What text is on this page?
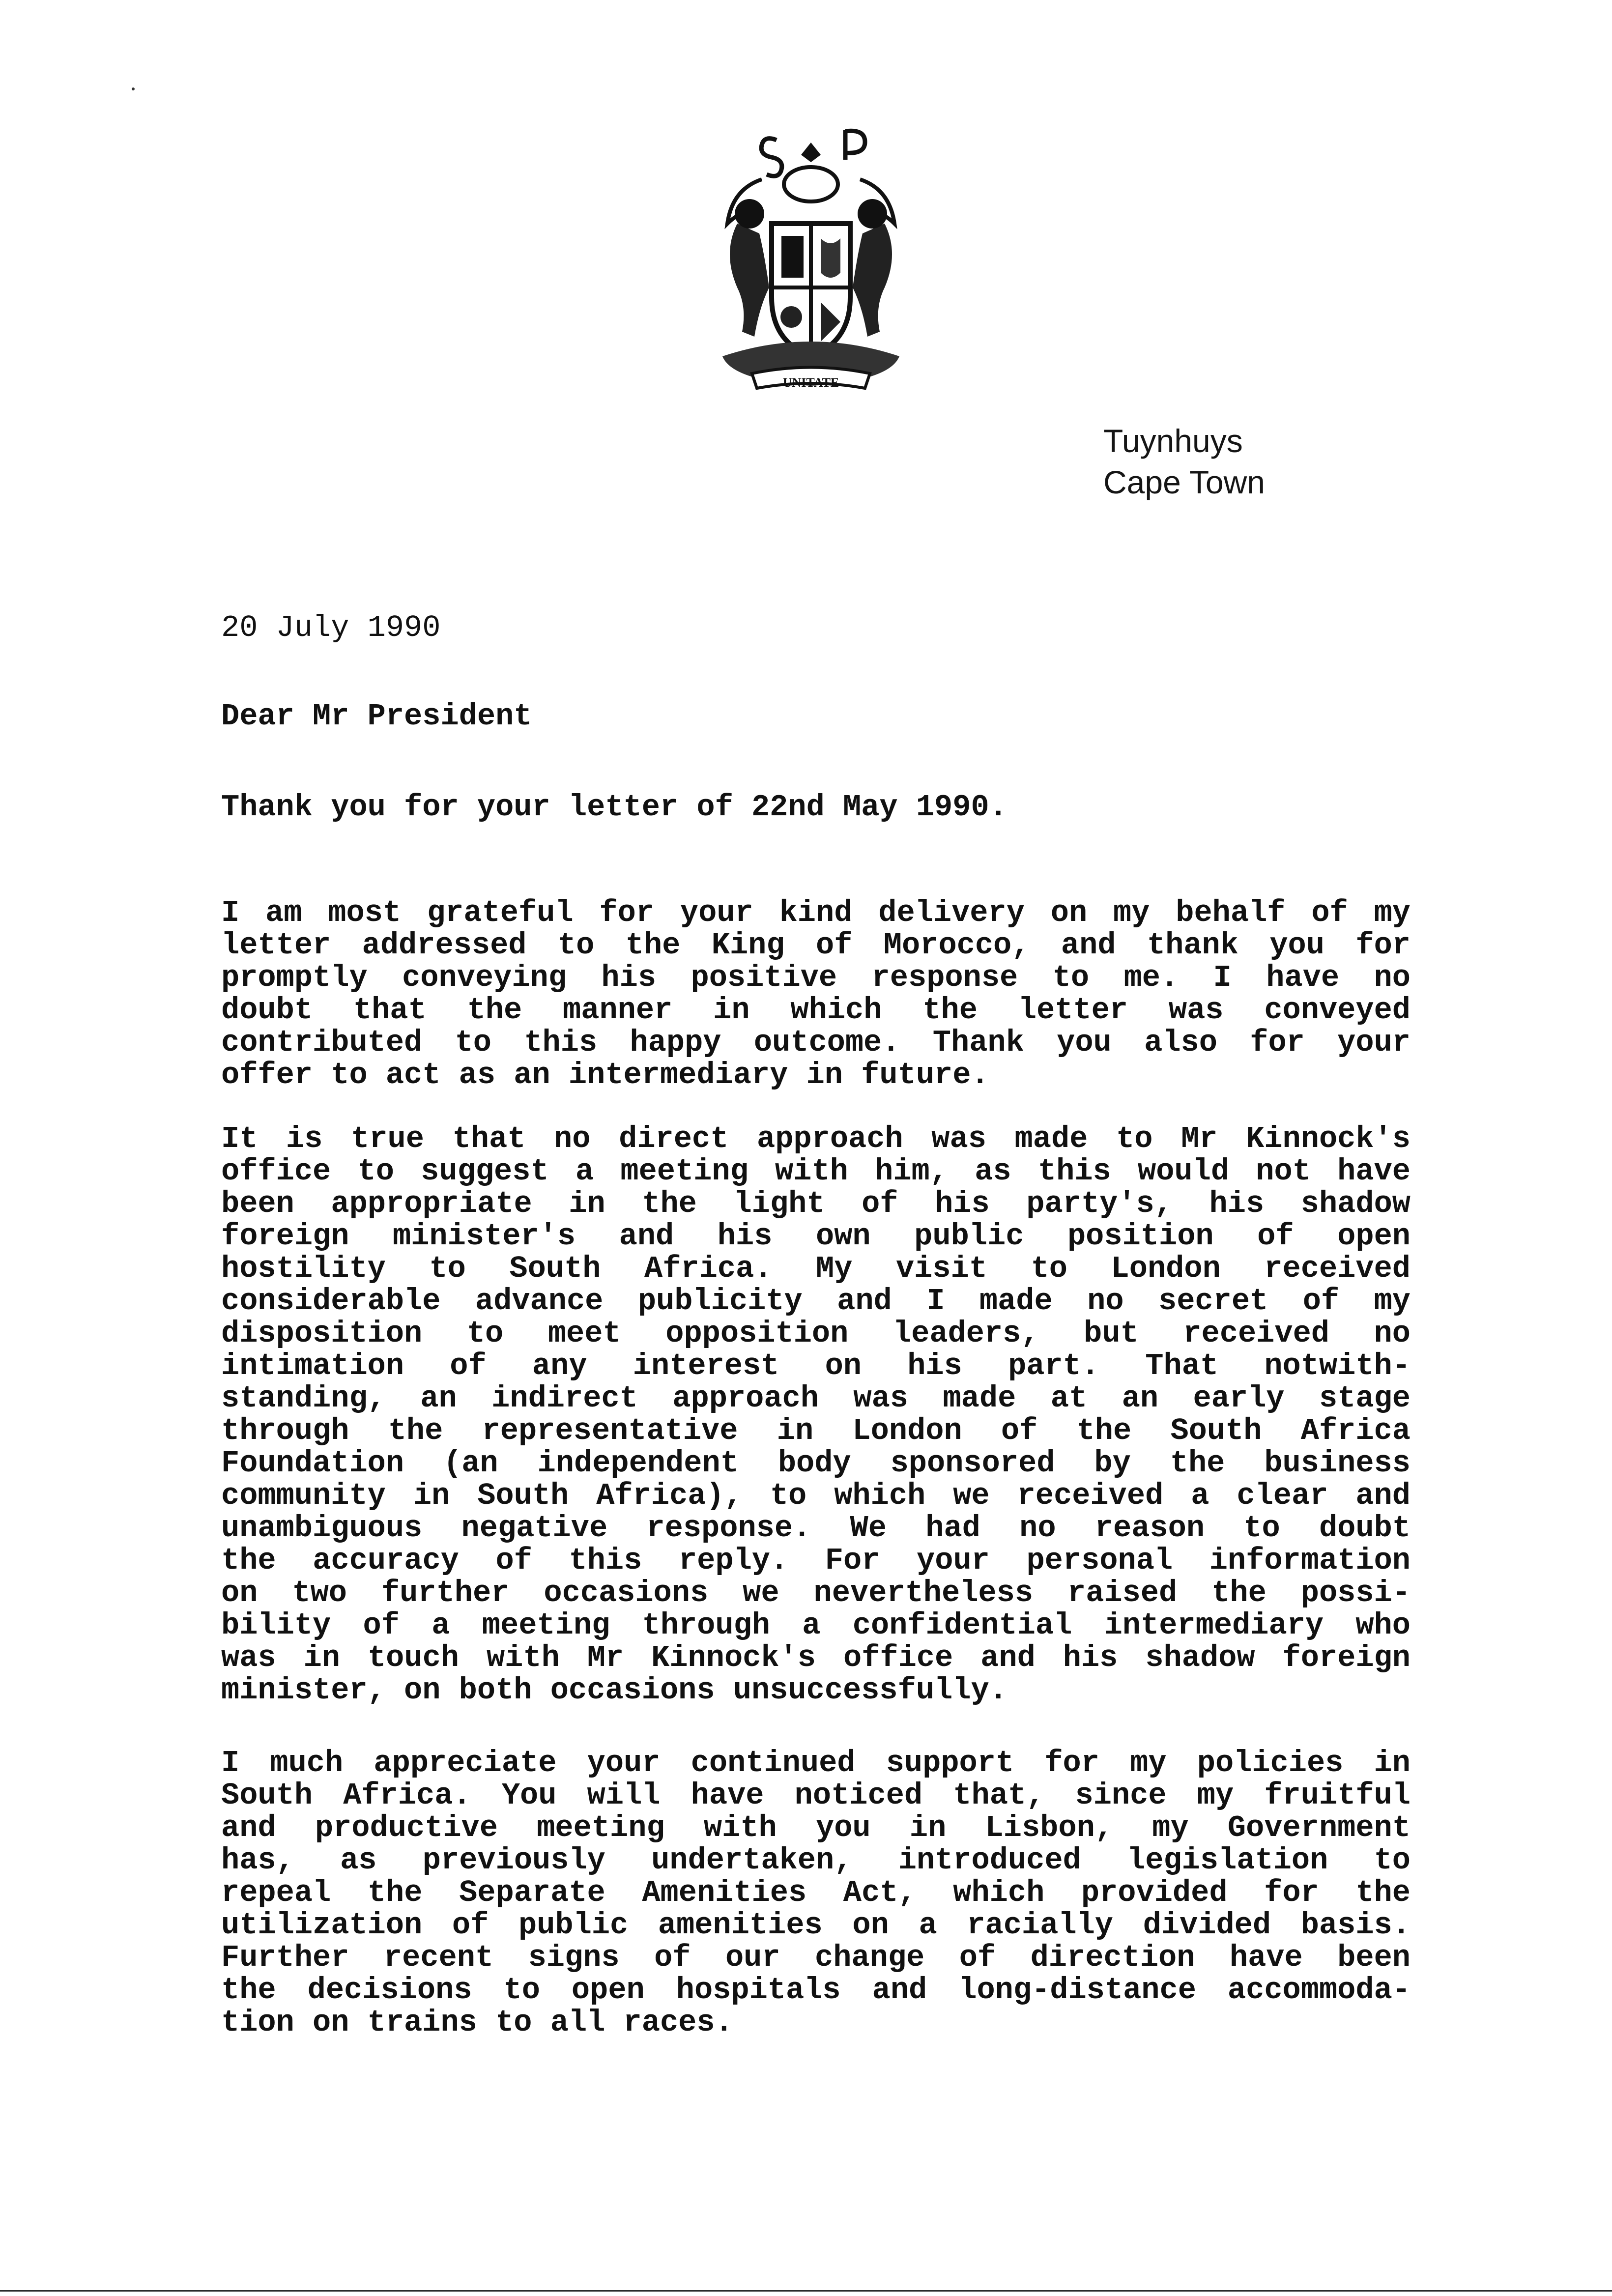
UNITATE
Tuynhuys
Cape Town
20 July 1990
Dear Mr President
Thank you for your letter of 22nd May 1990.
I am most grateful for your kind delivery on my behalf of my
letter addressed to the King of Morocco, and thank you for
promptly conveying his positive response to me. I have no
doubt that the manner in which the letter was conveyed
contributed to this happy outcome. Thank you also for your
offer to act as an intermediary in future.
It is true that no direct approach was made to Mr Kinnock's
office to suggest a meeting with him, as this would not have
been appropriate in the light of his party's, his shadow
foreign minister's and his own public position of open
hostility to South Africa. My visit to London received
considerable advance publicity and I made no secret of my
disposition to meet opposition leaders, but received no
intimation of any interest on his part. That notwith-
standing, an indirect approach was made at an early stage
through the representative in London of the South Africa
Foundation (an independent body sponsored by the business
community in South Africa), to which we received a clear and
unambiguous negative response. We had no reason to doubt
the accuracy of this reply. For your personal information
on two further occasions we nevertheless raised the possi-
bility of a meeting through a confidential intermediary who
was in touch with Mr Kinnock's office and his shadow foreign
minister, on both occasions unsuccessfully.
I much appreciate your continued support for my policies in
South Africa. You will have noticed that, since my fruitful
and productive meeting with you in Lisbon, my Government
has, as previously undertaken, introduced legislation to
repeal the Separate Amenities Act, which provided for the
utilization of public amenities on a racially divided basis.
Further recent signs of our change of direction have been
the decisions to open hospitals and long-distance accommoda-
tion on trains to all races.
